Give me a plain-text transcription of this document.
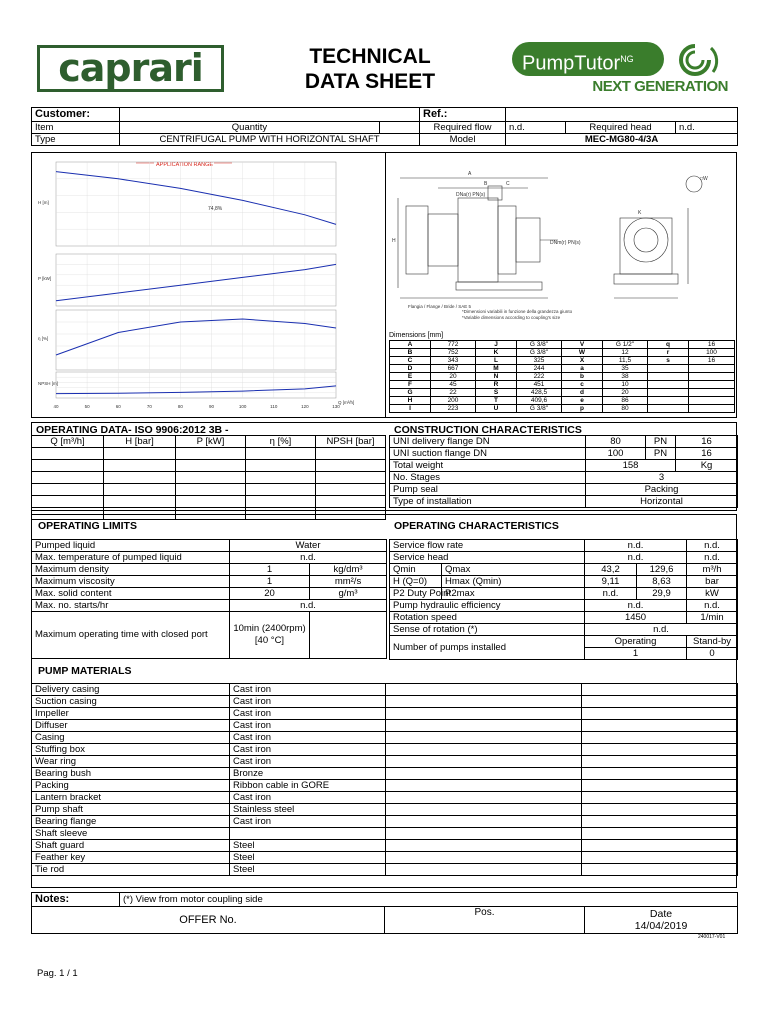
caprari	TECHNICAL
DATA SHEET
PumpTutor$^{NG}$
NEXT GENERATION
Customer:			Ref.:			
Item	Quantity		Required flow	n.d.	Required head	n.d.
Type	CENTRIFUGAL PUMP WITH HORIZONTAL SHAFT		Model	MEC-MG80-4/3A		
APPLICATION RANGE
H [m]
P [kW]
η [%]
NPSH [m]
74,8%
40	50	60	70	80	90	100	110	120	130
Q [m³/h]
A
B	C
DNa(r) PN(s)
DNm(r) PN(s)
H
K
□W
Flangia / Flange / Bride / SAE 5
*Dimensioni variabili in funzione della grandezza giunto
*Variable dimensions according to coupling's size
Dimensions [mm]
A	772	J	G 3/8"	V	G 1/2"	q	16
B	752	K	G 3/8"	W	12	r	100
C	343	L	325	X	11,5	s	16
D	667	M	244	a	35		
E	20	N	222	b	38		
F	45	R	451	c	10		
G	22	S	428,5	d	20		
H	200	T	409,6	e	86		
I	223	U	G 3/8"	p	80		
OPERATING DATA- ISO 9906:2012 3B -	CONSTRUCTION CHARACTERISTICS
Q [m³/h]	H [bar]	P [kW]	η [%]	NPSH [bar]

				UNI delivery flange DN	80	PN	16
UNI suction flange DN	100	PN	16
Total weight	158		Kg
No. Stages	3		
Pump seal	Packing		
Type of installation	Horizontal		
OPERATING LIMITS	OPERATING CHARACTERISTICS
Pumped liquid	Water	
Max. temperature of pumped liquid	n.d.	
Maximum density	1	kg/dm³
Maximum viscosity	1	mm²/s
Max. solid content	20	g/m³
Max. no. starts/hr	n.d.	
Maximum operating time with closed port	10min (2400rpm) [40 °C]	
Service flow rate		n.d.		n.d.
Service head		n.d.		n.d.
Qmin	Qmax	43,2	129,6	m³/h
H (Q=0)	Hmax (Qmin)	9,11	8,63	bar
P2 Duty Point	P2max	n.d.	29,9	kW
Pump hydraulic efficiency		n.d.		n.d.
Rotation speed		1450		1/min
Sense of rotation (*)		n.d.		
Number of pumps installed		Operating		Stand-by
		1		0
PUMP MATERIALS
Delivery casing	Cast iron		
Suction casing	Cast iron		
Impeller	Cast iron		
Diffuser	Cast iron		
Casing	Cast iron		
Stuffing box	Cast iron		
Wear ring	Cast iron		
Bearing bush	Bronze		
Packing	Ribbon cable in GORE		
Lantern bracket	Cast iron		
Pump shaft	Stainless steel		
Bearing flange	Cast iron		
Shaft sleeve			
Shaft guard	Steel		
Feather key	Steel		
Tie rod	Steel		
Notes:	(*) View from motor coupling side		
OFFER No.		Pos.	Date
14/04/2019
240017-V01
Pag. 1 / 1
